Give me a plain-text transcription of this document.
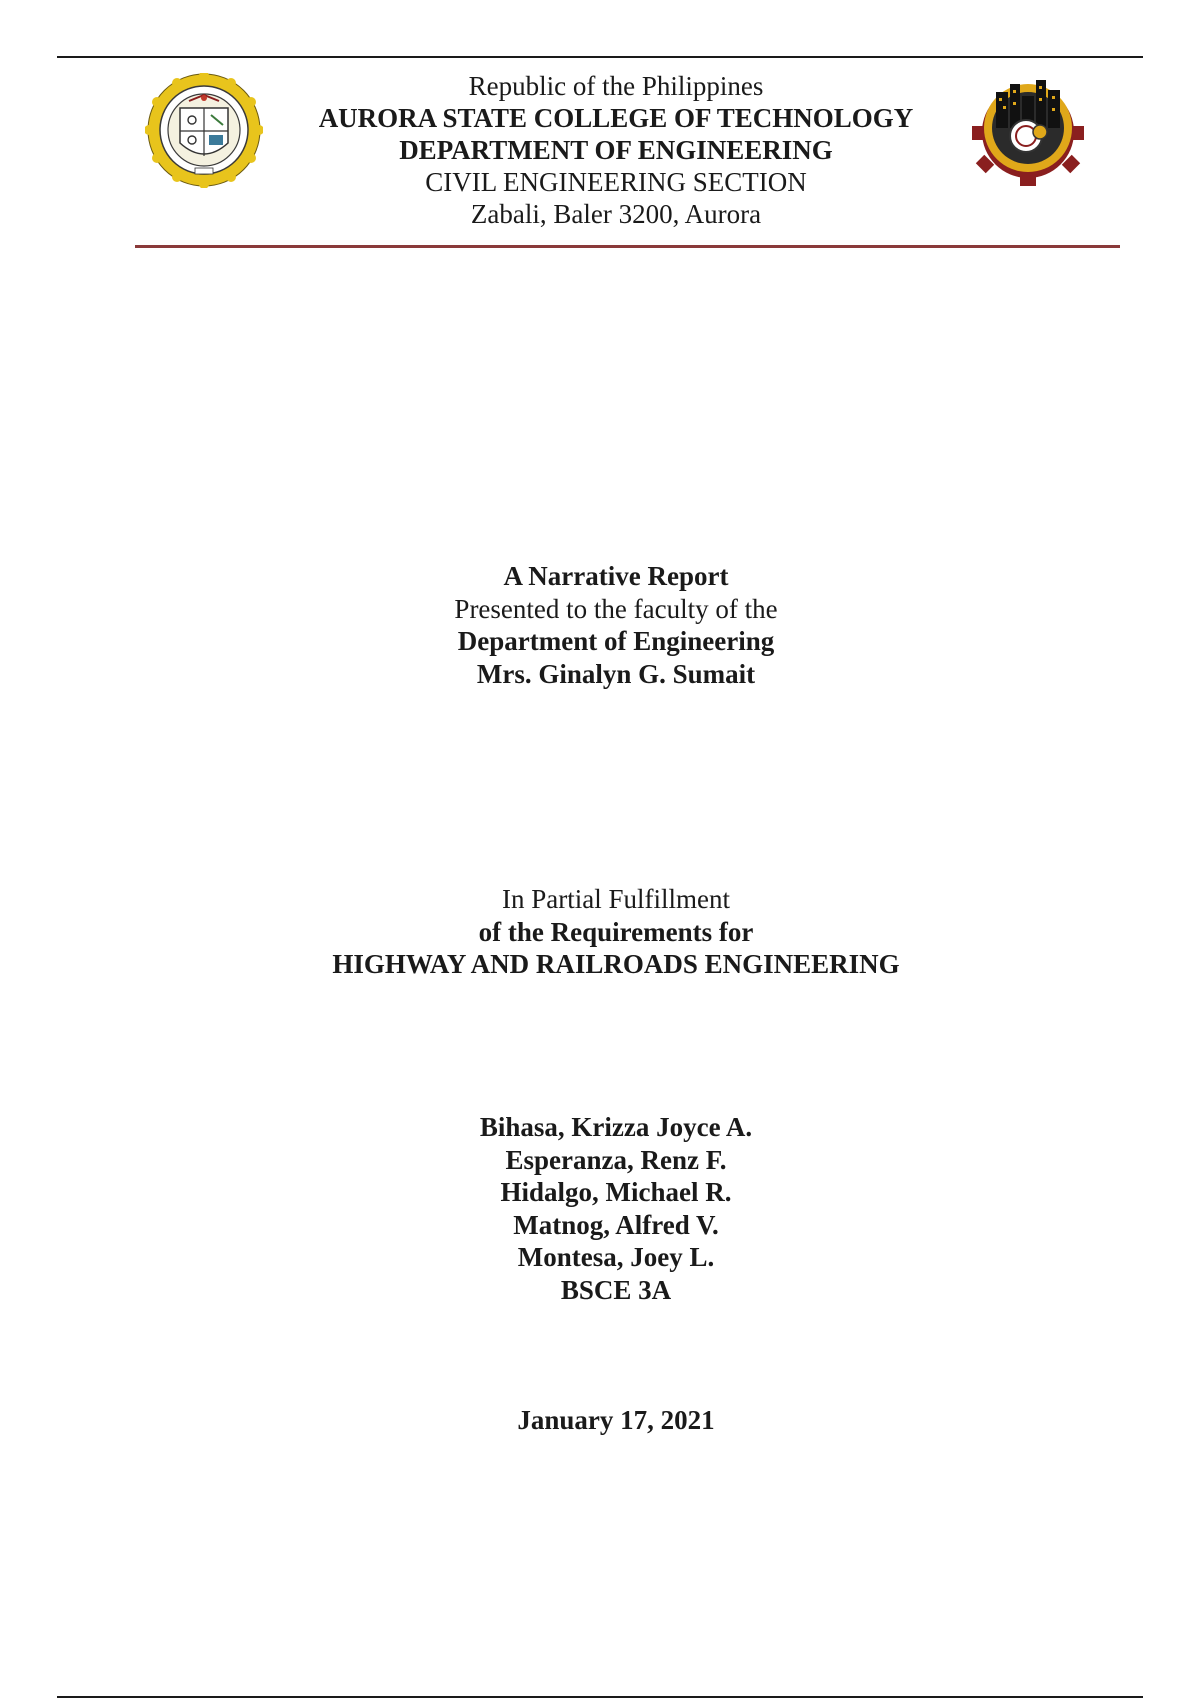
Republic of the Philippines
AURORA STATE COLLEGE OF TECHNOLOGY
DEPARTMENT OF ENGINEERING
CIVIL ENGINEERING SECTION
Zabali, Baler 3200, Aurora
A Narrative Report
Presented to the faculty of the
Department of Engineering
Mrs. Ginalyn G. Sumait
In Partial Fulfillment
of the Requirements for
HIGHWAY AND RAILROADS ENGINEERING
Bihasa, Krizza Joyce A.
Esperanza, Renz F.
Hidalgo, Michael R.
Matnog, Alfred V.
Montesa, Joey L.
BSCE 3A
January 17, 2021
